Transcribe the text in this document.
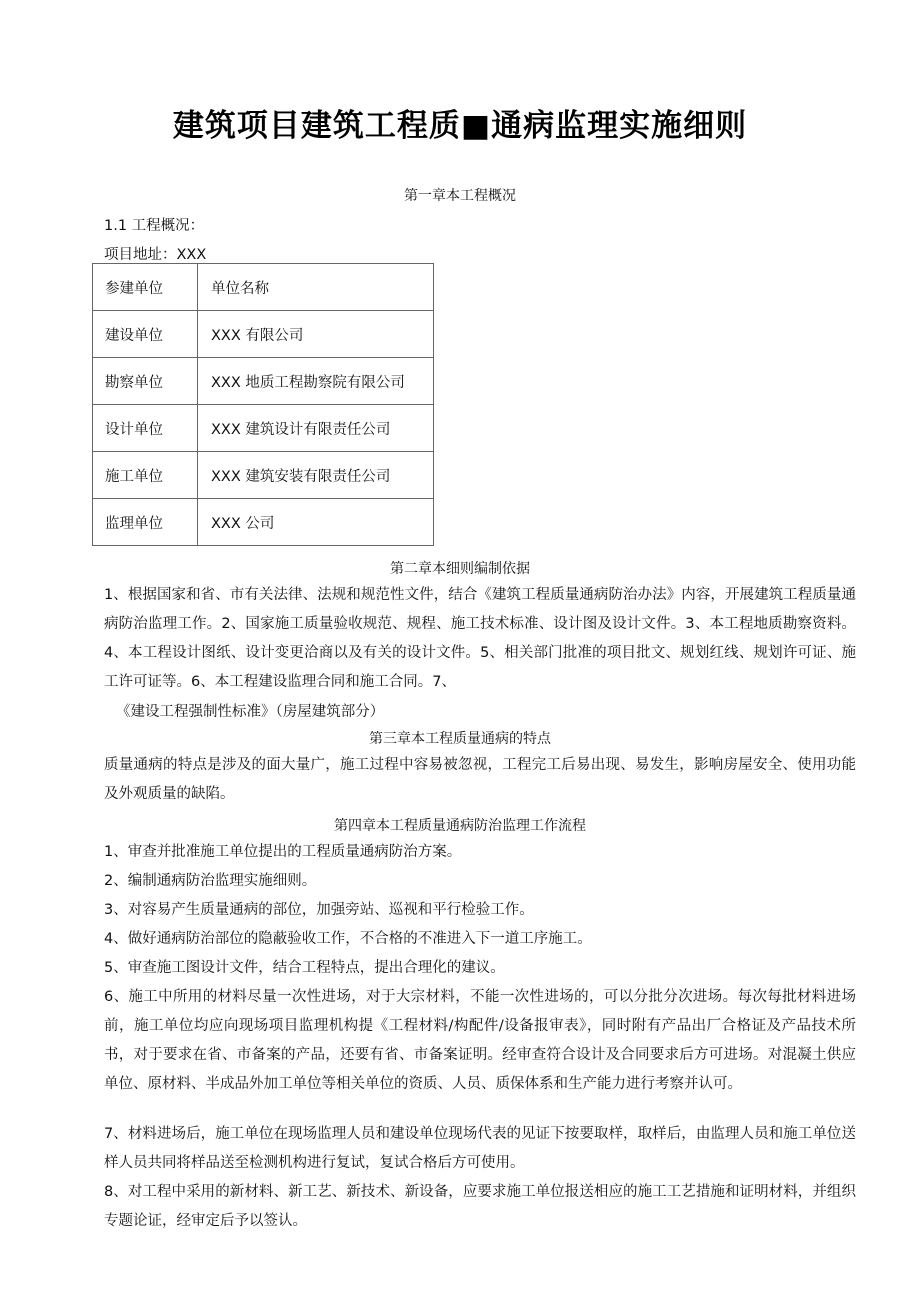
建筑项目建筑工程质■通病监理实施细则
第一章本工程概况
1.1 工程概况：
项目地址：XXX
参建单位	单位名称
建设单位	XXX 有限公司
勘察单位	XXX 地质工程勘察院有限公司
设计单位	XXX 建筑设计有限责任公司
施工单位	XXX 建筑安装有限责任公司
监理单位	XXX 公司
第二章本细则编制依据
1、根据国家和省、市有关法律、法规和规范性文件，结合《建筑工程质量通病防治办法》内容，开展建筑工程质量通病防治监理工作。2、国家施工质量验收规范、规程、施工技术标准、设计图及设计文件。3、本工程地质勘察资料。4、本工程设计图纸、设计变更洽商以及有关的设计文件。5、相关部门批准的项目批文、规划红线、规划许可证、施工许可证等。6、本工程建设监理合同和施工合同。7、
《建设工程强制性标准》（房屋建筑部分）
第三章本工程质量通病的特点
质量通病的特点是涉及的面大量广，施工过程中容易被忽视，工程完工后易出现、易发生，影响房屋安全、使用功能及外观质量的缺陷。
第四章本工程质量通病防治监理工作流程
1、审查并批准施工单位提出的工程质量通病防治方案。
2、编制通病防治监理实施细则。
3、对容易产生质量通病的部位，加强旁站、巡视和平行检验工作。
4、做好通病防治部位的隐蔽验收工作，不合格的不准进入下一道工序施工。
5、审查施工图设计文件，结合工程特点，提出合理化的建议。
6、施工中所用的材料尽量一次性进场，对于大宗材料，不能一次性进场的，可以分批分次进场。每次每批材料进场前，施工单位均应向现场项目监理机构提《工程材料/构配件/设备报审表》，同时附有产品出厂合格证及产品技术所书，对于要求在省、市备案的产品，还要有省、市备案证明。经审查符合设计及合同要求后方可进场。对混凝土供应单位、原材料、半成品外加工单位等相关单位的资质、人员、质保体系和生产能力进行考察并认可。
7、材料进场后，施工单位在现场监理人员和建设单位现场代表的见证下按要取样，取样后，由监理人员和施工单位送样人员共同将样品送至检测机构进行复试，复试合格后方可使用。
8、对工程中采用的新材料、新工艺、新技术、新设备，应要求施工单位报送相应的施工工艺措施和证明材料，并组织专题论证，经审定后予以签认。
